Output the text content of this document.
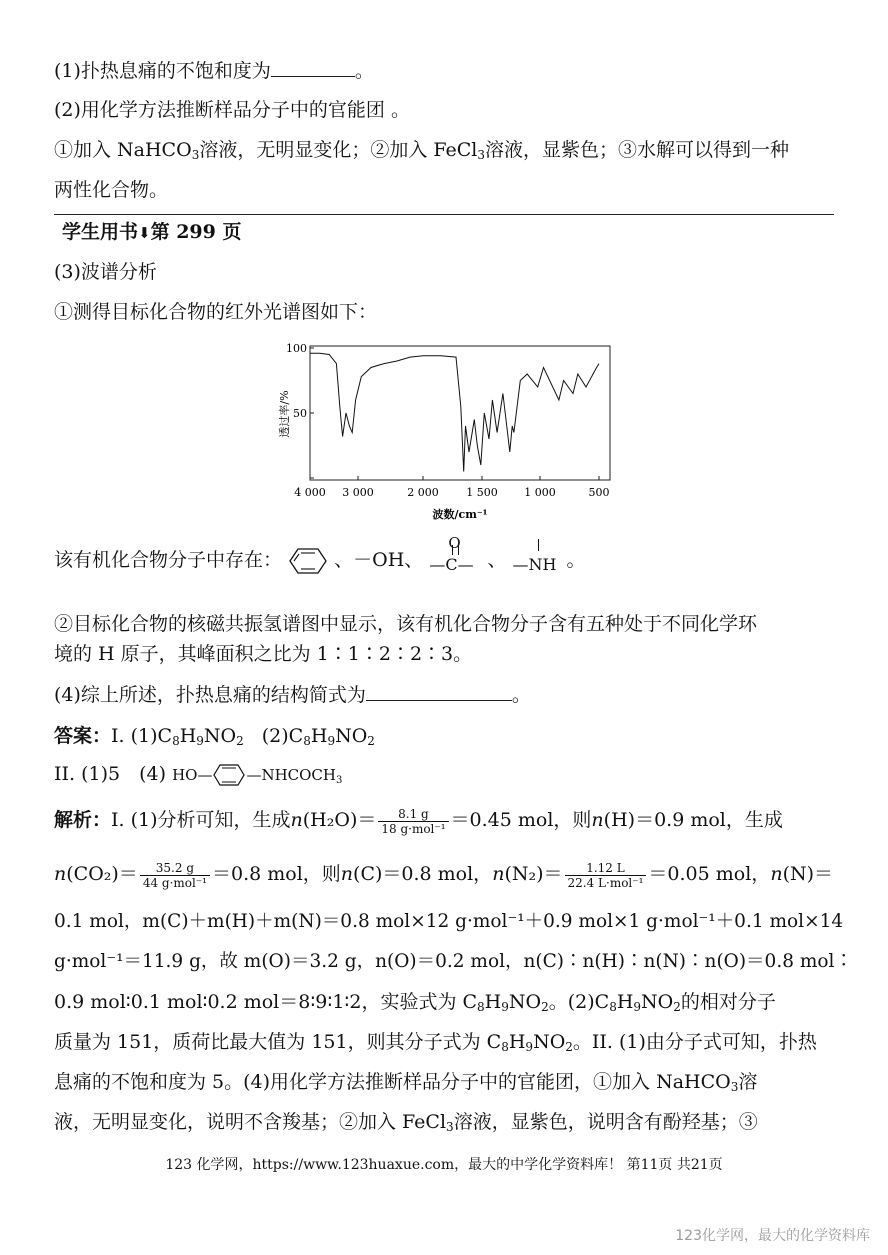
(1)扑热息痛的不饱和度为	。
(2)用化学方法推断样品分子中的官能团 。
①加入 NaHCO$_3$溶液，无明显变化；②加入 FeCl$_3$溶液，显紫色；③水解可以得到一种
两性化合物。
学生用书⬇第 299 页
(3)波谱分析
①测得目标化合物的红外光谱图如下：
100
50
4 000 3 000	2 000	1 500 1 000	500
透过率/%
波数/cm⁻¹
该有机化合物分子中存在：	、－OH、
O
—C— 、 —NH 。
②目标化合物的核磁共振氢谱图中显示，该有机化合物分子含有五种处于不同化学环
境的 H 原子，其峰面积之比为 1∶1∶2∶2∶3。
(4)综上所述，扑热息痛的结构简式为	。
答案：I. $(1)C_8H_9NO_2$ $(2)C_8H_9NO_2$
II. (1)5　(4) HO— $—NHCOCH_3$
解析：I. (1)分析可知，生成$n(H_2O)= \frac{8.1 g}{\text{18 g·mol⁻¹}} =0.45$ mol，则n(H)＝0.9 mol，生成
$n(CO_2)= \frac{35.2 g}{\text{44 g·mol⁻¹}} =0.8$ mol，则n(C)＝0.8 mol，$n(N_2)= \frac{1.12 L}{\text{22.4 L·mol⁻¹}} =0.05$ mol，n(N)＝
0.1 mol，m(C)＋m(H)＋m(N)＝0.8 mol×12 g·mol⁻¹＋0.9 mol×1 g·mol⁻¹＋0.1 mol×14
g·mol⁻¹＝11.9 g，故 m(O)＝3.2 g，n(O)＝0.2 mol，n(C)∶n(H)∶n(N)∶n(O)＝0.8 mol∶
0.9 mol∶0.1 mol∶0.2 mol＝8∶9∶1∶2，实验式为 $C_8H_9NO_2$。$(2)C_8H_9NO_2$的相对分子
质量为 151，质荷比最大值为 151，则其分子式为 $C_8H_9NO_2$。II. (1)由分子式可知，扑热
息痛的不饱和度为 5。(4)用化学方法推断样品分子中的官能团，①加入 NaHCO$_3$溶
液，无明显变化，说明不含羧基；②加入 FeCl$_3$溶液，显紫色，说明含有酚羟基；③
123 化学网，https://www.123huaxue.com，最大的中学化学资料库！ 第11页 共21页
123化学网，最大的化学资料库
